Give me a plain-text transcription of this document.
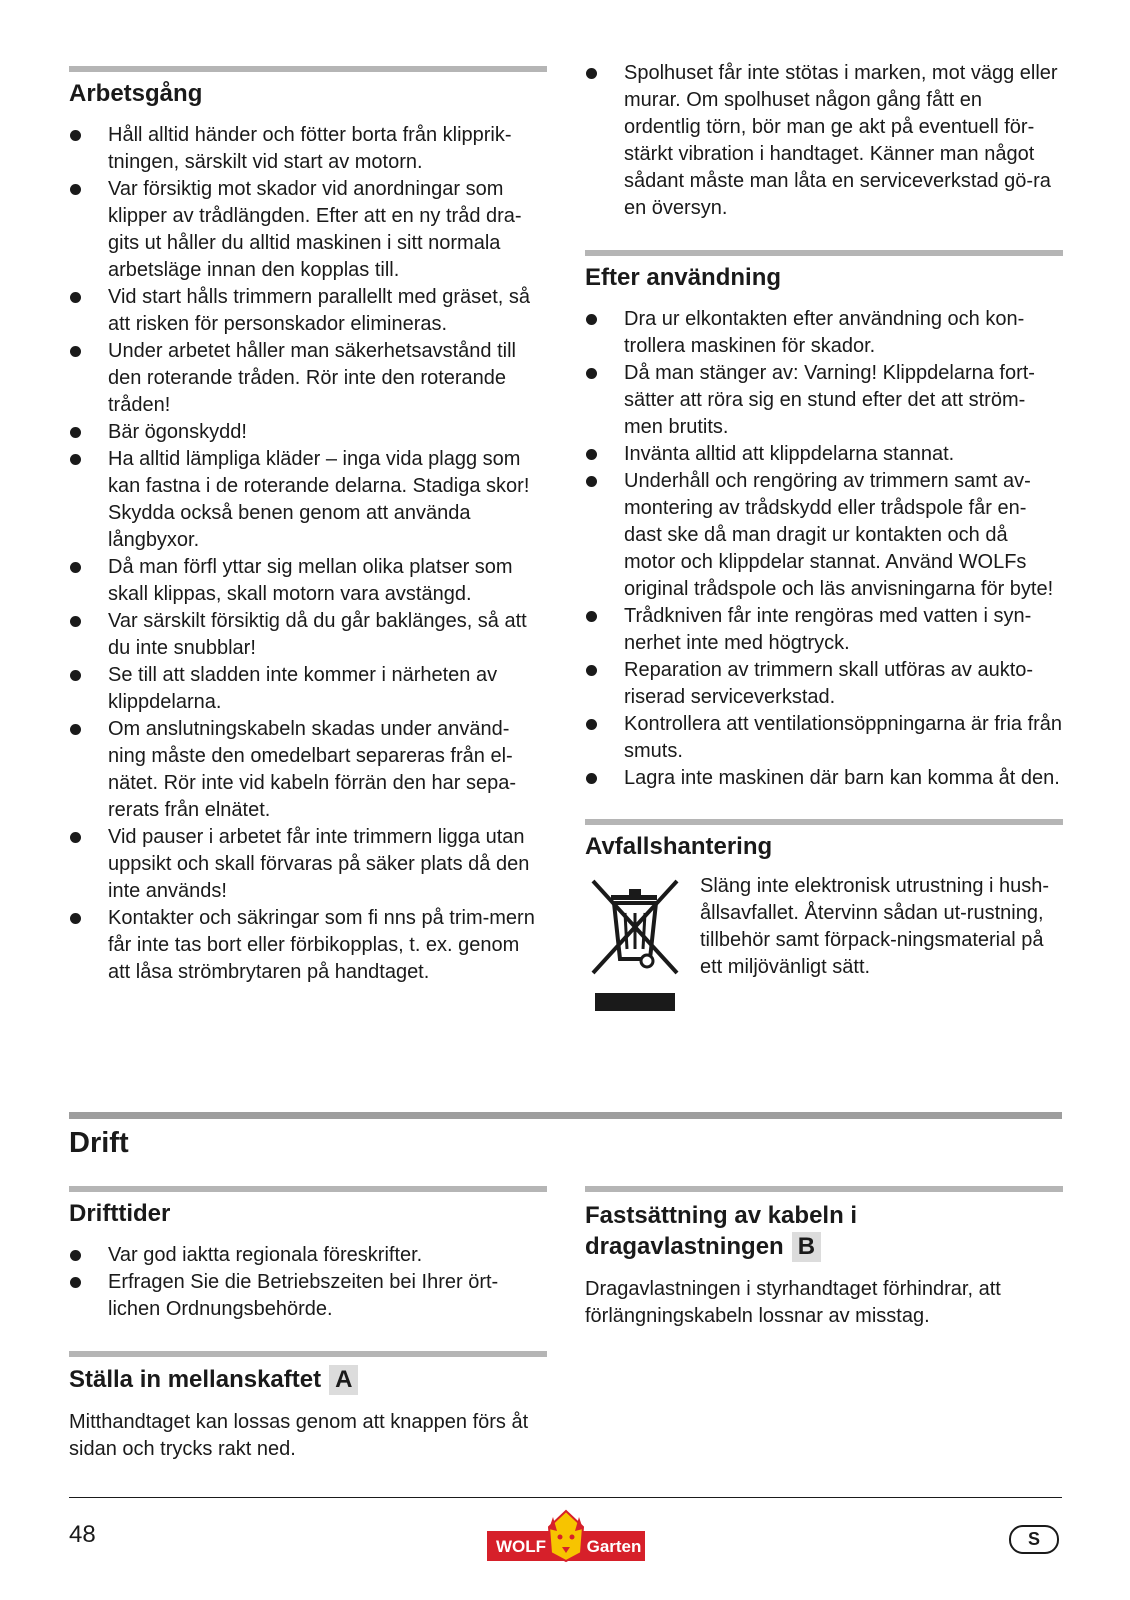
Arbetsgång
Håll alltid händer och fötter borta från klipprik-tningen, särskilt vid start av motorn.
Var försiktig mot skador vid anordningar som klipper av trådlängden. Efter att en ny tråd dra-gits ut håller du alltid maskinen i sitt normala arbetsläge innan den kopplas till.
Vid start hålls trimmern parallellt med gräset, så att risken för personskador elimineras.
Under arbetet håller man säkerhetsavstånd till den roterande tråden. Rör inte den roterande tråden!
Bär ögonskydd!
Ha alltid lämpliga kläder – inga vida plagg som kan fastna i de roterande delarna. Stadiga skor! Skydda också benen genom att använda långbyxor.
Då man förfl yttar sig mellan olika platser som skall klippas, skall motorn vara avstängd.
Var särskilt försiktig då du går baklänges, så att du inte snubblar!
Se till att sladden inte kommer i närheten av klippdelarna.
Om anslutningskabeln skadas under använd-ning måste den omedelbart separeras från el-nätet. Rör inte vid kabeln förrän den har sepa-rerats från elnätet.
Vid pauser i arbetet får inte trimmern ligga utan uppsikt och skall förvaras på säker plats då den inte används!
Kontakter och säkringar som fi nns på trim-mern får inte tas bort eller förbikopplas, t. ex. genom att låsa strömbrytaren på handtaget.
Spolhuset får inte stötas i marken, mot vägg eller murar. Om spolhuset någon gång fått en ordentlig törn, bör man ge akt på eventuell för-stärkt vibration i handtaget. Känner man något sådant måste man låta en serviceverkstad gö-ra en översyn.
Efter användning
Dra ur elkontakten efter användning och kon-trollera maskinen för skador.
Då man stänger av: Varning! Klippdelarna fort-sätter att röra sig en stund efter det att ström-men brutits.
Invänta alltid att klippdelarna stannat.
Underhåll och rengöring av trimmern samt av-montering av trådskydd eller trådspole får en-dast ske då man dragit ur kontakten och då motor och klippdelar stannat. Använd WOLFs original trådspole och läs anvisningarna för byte!
Trådkniven får inte rengöras med vatten i syn-nerhet inte med högtryck.
Reparation av trimmern skall utföras av aukto-riserad serviceverkstad.
Kontrollera att ventilationsöppningarna är fria från smuts.
Lagra inte maskinen där barn kan komma åt den.
Avfallshantering

Släng inte elektronisk utrustning i hush-ållsavfallet. Återvinn sådan ut-rustning, tillbehör samt förpack-ningsmaterial på ett miljövänligt sätt.

Drift
Drifttider
Var god iaktta regionala föreskrifter.
Erfragen Sie die Betriebszeiten bei Ihrer ört-lichen Ordnungsbehörde.
Ställa in mellanskaftet A

Mitthandtaget kan lossas genom att knappen förs åt sidan och trycks rakt ned.

Fastsättning av kabeln i
dragavlastningen B

Dragavlastningen i styrhandtaget förhindrar, att förlängningskabeln lossnar av misstag.

48	WOLF Garten	S
